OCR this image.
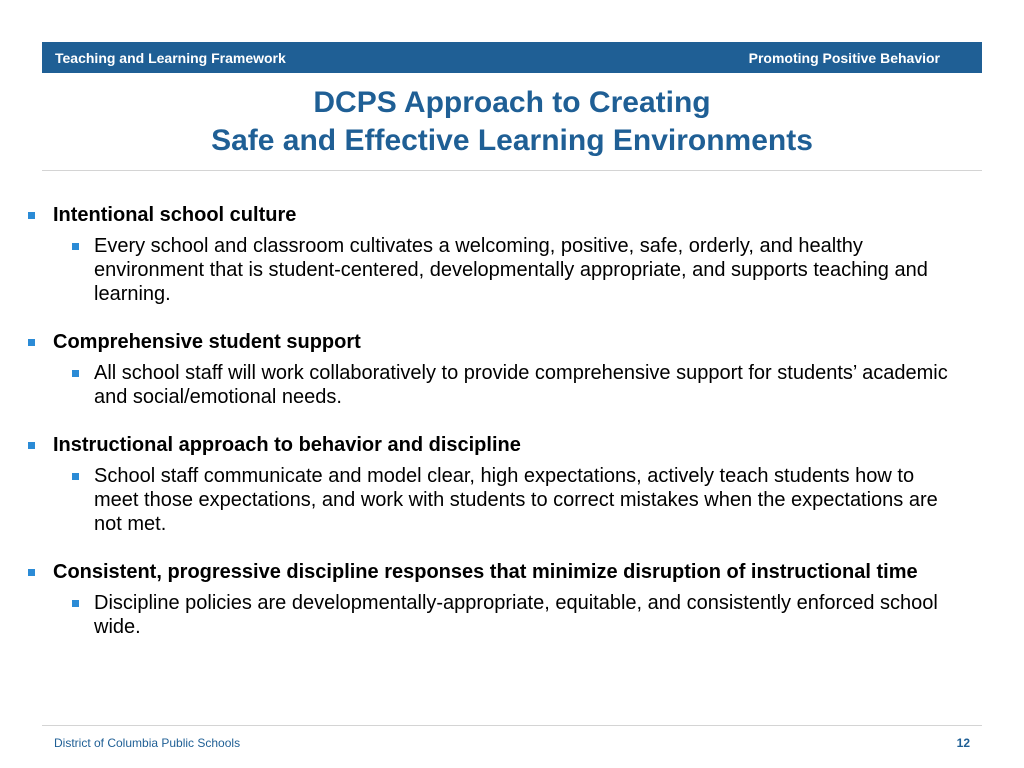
Teaching and Learning Framework	Promoting Positive Behavior
DCPS Approach to Creating
Safe and Effective Learning Environments
Intentional school culture
Every school and classroom cultivates a welcoming, positive, safe, orderly, and healthy environment that is student-centered, developmentally appropriate, and supports teaching and learning.
Comprehensive student support
All school staff will work collaboratively to provide comprehensive support for students’ academic and social/emotional needs.
Instructional approach to behavior and discipline
School staff communicate and model clear, high expectations, actively teach students how to meet those expectations, and work with students to correct mistakes when the expectations are not met.
Consistent, progressive discipline responses that minimize disruption of instructional time
Discipline policies are developmentally-appropriate, equitable, and consistently enforced school wide.
District of Columbia Public Schools	12
